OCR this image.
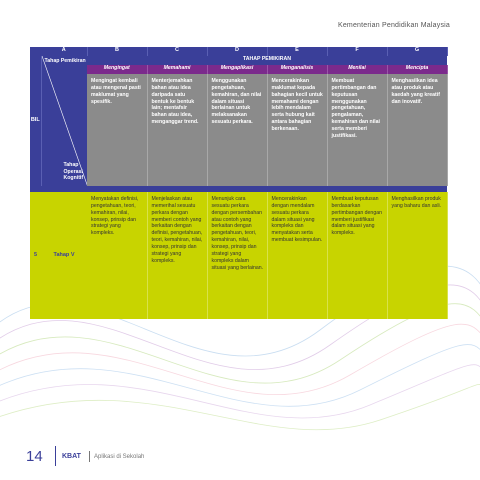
Kementerian Pendidikan Malaysia
	A	B	C	D	E	F	G
BIL	Tahap Pemikiran
Tahap Operasi Kognitif	TAHAP PEMIKIRAN					
		Mengingat	Memahami	Mengaplikasi	Menganalisis	Menilai	Mencipta
		Mengingat kembali atau mengenal pasti maklumat yang spesifik.	Menterjemahkan bahan atau idea daripada satu bentuk ke bentuk lain; mentafsir bahan atau idea, menganggar trend.	Menggunakan pengetahuan, kemahiran, dan nilai dalam situasi berlainan untuk melaksanakan sesuatu perkara.	Mencerakinkan maklumat kepada bahagian kecil untuk memahami dengan lebih mendalam serta hubung kait antara bahagian berkenaan.	Membuat pertimbangan dan keputusan menggunakan pengetahuan, pengalaman, kemahiran dan nilai serta memberi justifikasi.	Menghasilkan idea atau produk atau kaedah yang kreatif dan inovatif.

5	Tahap V	Menyatakan definisi, pengetahuan, teori, kemahiran, nilai, konsep, prinsip dan strategi yang kompleks.	Menjelaskan atau memerihal sesuatu perkara dengan memberi contoh yang berkaitan dengan definisi, pengetahuan, teori, kemahiran, nilai, konsep, prinsip dan strategi yang kompleks.	Menunjuk cara sesuatu perkara dengan persembahan atau contoh yang berkaitan dengan pengetahuan, teori, kemahiran, nilai, konsep, prinsip dan strategi yang kompleks dalam situasi yang berlainan.	Mencerakinkan dengan mendalam sesuatu perkara dalam situasi yang kompleks dan menyatakan serta membuat kesimpulan.	Membuat keputusan berdasarkan pertimbangan dengan memberi justifikasi dalam situasi yang kompleks.	Menghasilkan produk yang baharu dan asli.
14	KBAT Aplikasi di Sekolah
